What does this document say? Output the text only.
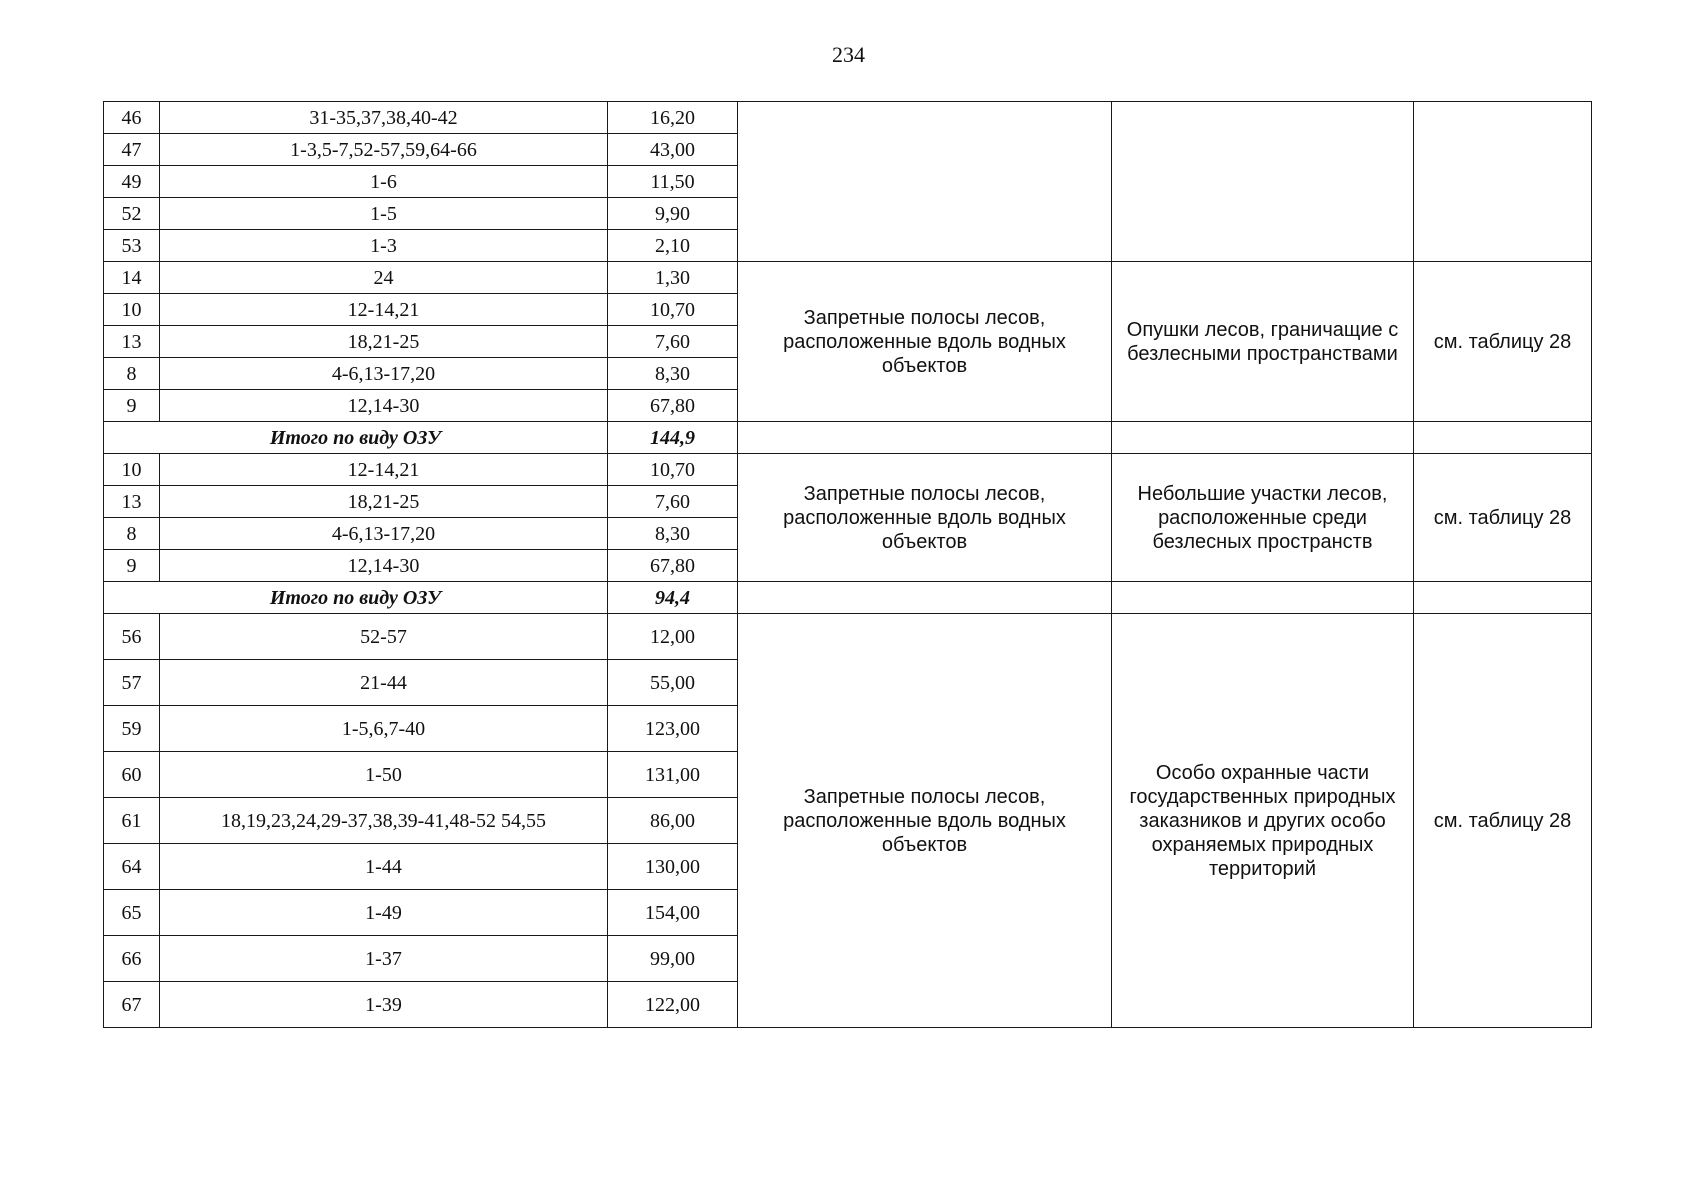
234
46	31-35,37,38,40-42	16,20			
47	1-3,5-7,52-57,59,64-66	43,00			
49	1-6	11,50			
52	1-5	9,90			
53	1-3	2,10			
14	24	1,30	Запретные полосы лесов, расположенные вдоль водных объектов	Опушки лесов, граничащие с безлесными пространствами	см. таблицу 28
10	12-14,21	10,70			
13	18,21-25	7,60			
8	4-6,13-17,20	8,30			
9	12,14-30	67,80			
Итого по виду ОЗУ		144,9			
10	12-14,21	10,70	Запретные полосы лесов, расположенные вдоль водных объектов	Небольшие участки лесов, расположенные среди безлесных пространств	см. таблицу 28
13	18,21-25	7,60			
8	4-6,13-17,20	8,30			
9	12,14-30	67,80			
Итого по виду ОЗУ		94,4			
56	52-57	12,00	Запретные полосы лесов, расположенные вдоль водных объектов	Особо охранные части государственных природных заказников и других особо охраняемых природных территорий	см. таблицу 28
57	21-44	55,00			
59	1-5,6,7-40	123,00			
60	1-50	131,00			
61	18,19,23,24,29-37,38,39-41,48-52 54,55	86,00			
64	1-44	130,00			
65	1-49	154,00			
66	1-37	99,00			
67	1-39	122,00			
